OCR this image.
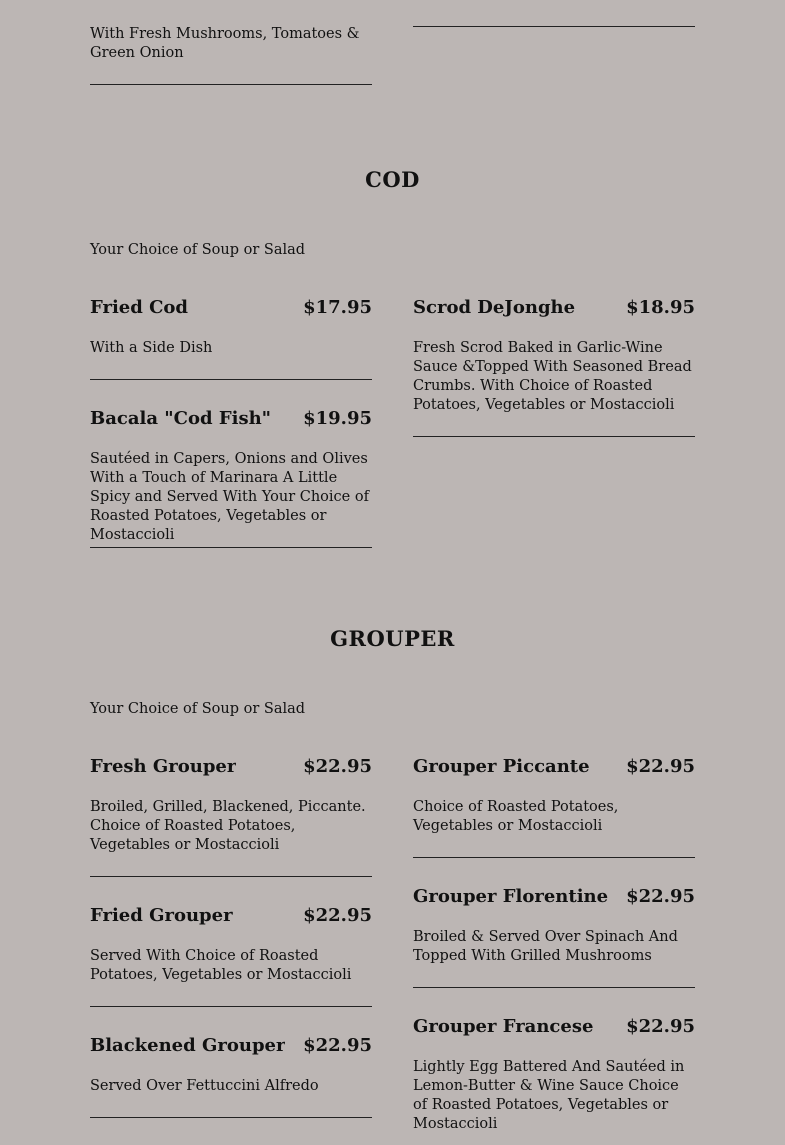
With Fresh Mushrooms, Tomatoes & Green Onion
COD
Your Choice of Soup or Salad
Fried Cod	$17.95
With a Side Dish
Scrod DeJonghe	$18.95
Fresh Scrod Baked in Garlic-Wine Sauce &Topped With Seasoned Bread Crumbs. With Choice of Roasted Potatoes, Vegetables or Mostaccioli
Bacala "Cod Fish"	$19.95
Sautéed in Capers, Onions and Olives With a Touch of Marinara A Little Spicy and Served With Your Choice of Roasted Potatoes, Vegetables or Mostaccioli
GROUPER
Your Choice of Soup or Salad
Fresh Grouper	$22.95
Broiled, Grilled, Blackened, Piccante. Choice of Roasted Potatoes, Vegetables or Mostaccioli
Grouper Piccante	$22.95
Choice of Roasted Potatoes, Vegetables or Mostaccioli
Fried Grouper	$22.95
Served With Choice of Roasted Potatoes, Vegetables or Mostaccioli
Grouper Florentine	$22.95
Broiled & Served Over Spinach And Topped With Grilled Mushrooms
Blackened Grouper $22.95
Served Over Fettuccini Alfredo
Grouper Francese	$22.95
Lightly Egg Battered And Sautéed in Lemon-Butter & Wine Sauce Choice of Roasted Potatoes, Vegetables or Mostaccioli
